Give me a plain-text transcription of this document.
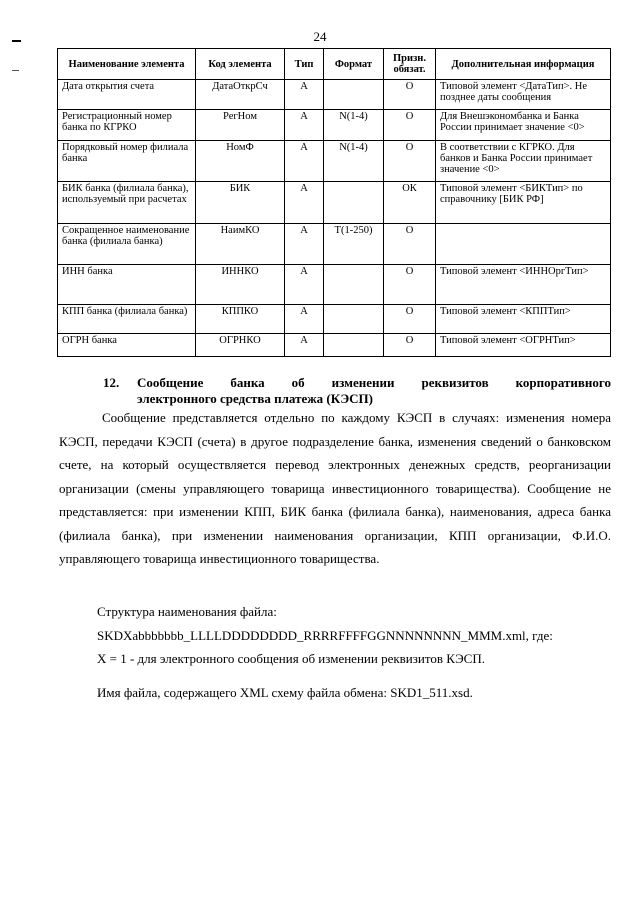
24
Наименование элемента	Код элемента	Тип	Формат	Призн. обязат.	Дополнительная информация
Дата открытия счета	ДатаОткрСч	А		О	Типовой элемент <ДатаТип>. Не позднее даты сообщения
Регистрационный номер банка по КГРКО	РегНом	А	N(1-4)	О	Для Внешэкономбанка и Банка России принимает значение <0>
Порядковый номер филиала банка	НомФ	А	N(1-4)	О	В соответствии с КГРКО. Для банков и Банка России принимает значение <0>
БИК банка (филиала банка), используемый при расчетах	БИК	А		ОК	Типовой элемент <БИКТип> по справочнику [БИК РФ]
Сокращенное наименование банка (филиала банка)	НаимКО	А	T(1-250)	О	
ИНН банка	ИННКО	А		О	Типовой элемент <ИННОргТип>
КПП банка (филиала банка)	КППКО	А		О	Типовой элемент <КППТип>
ОГРН банка	ОГРНКО	А		О	Типовой элемент <ОГРНТип>
12. Сообщение банка об изменении реквизитов корпоративного
электронного средства платежа (КЭСП)

Сообщение представляется отдельно по каждому КЭСП в случаях: изменения номера КЭСП, передачи КЭСП (счета) в другое подразделение банка, изменения сведений о банковском счете, на который осуществляется перевод электронных денежных средств, реорганизации организации (смены управляющего товарища инвестиционного товарищества). Сообщение не представляется: при изменении КПП, БИК банка (филиала банка), наименования, адреса банка (филиала банка), при изменении наименования организации, КПП организации, Ф.И.О. управляющего товарища инвестиционного товарищества.

Структура наименования файла:

SKDXabbbbbbb_LLLLDDDDDDDD_RRRRFFFFGGNNNNNNNN_MMM.xml, где:

X = 1 - для электронного сообщения об изменении реквизитов КЭСП.

Имя файла, содержащего XML схему файла обмена: SKD1_511.xsd.
